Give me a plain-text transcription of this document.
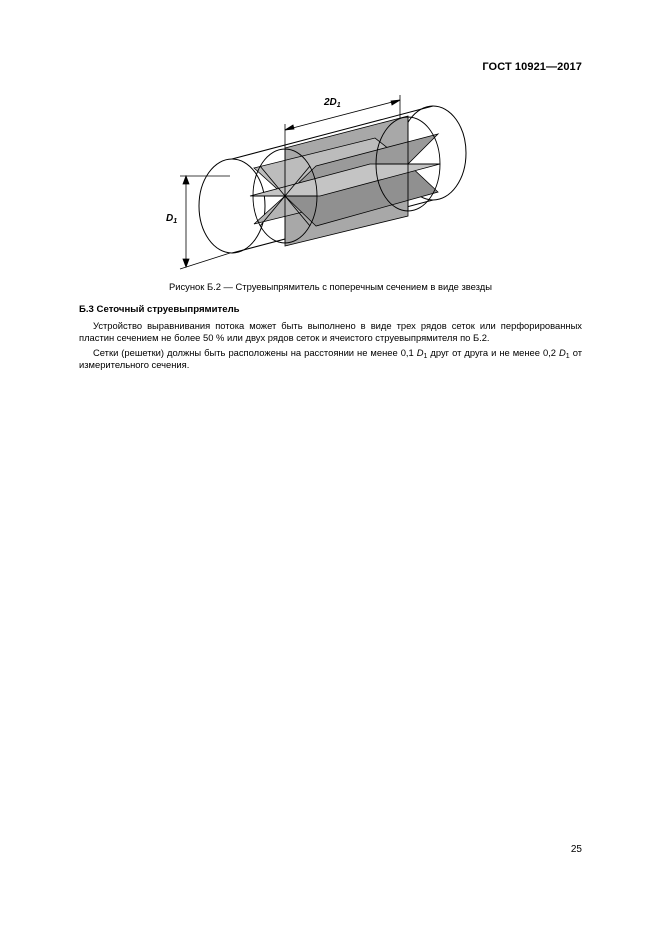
ГОСТ 10921—2017
$2D_1$
$D_1$
Рисунок Б.2 — Струевыпрямитель с поперечным сечением в виде звезды
Б.3 Сеточный струевыпрямитель

Устройство выравнивания потока может быть выполнено в виде трех рядов сеток или перфорированных пластин сечением не более 50 % или двух рядов сеток и ячеистого струевыпрямителя по Б.2.

Сетки (решетки) должны быть расположены на расстоянии не менее 0,1 $D_1$ друг от друга и не менее 0,2 $D_1$ от измерительного сечения.

25
